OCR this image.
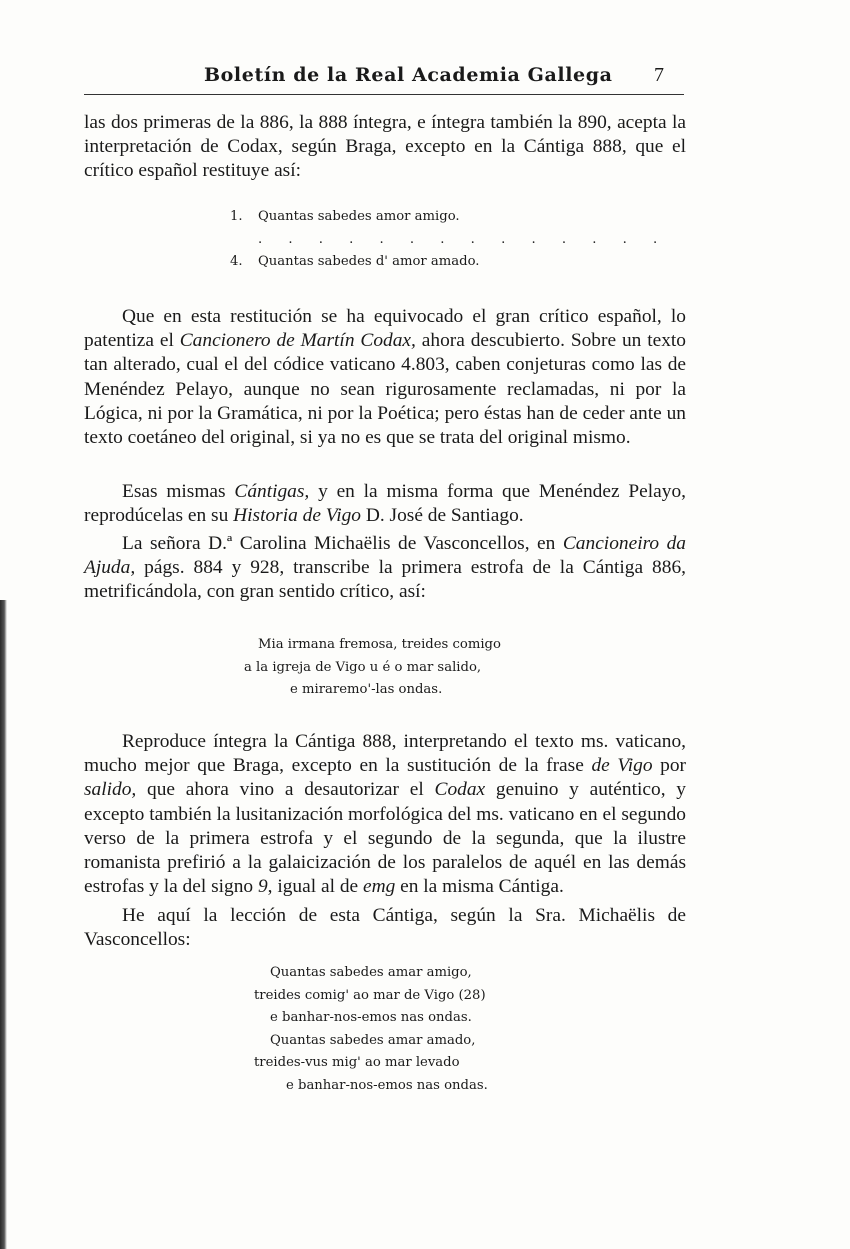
Boletín de la Real Academia Gallega 7

las dos primeras de la 886, la 888 íntegra, e íntegra también la 890, acepta la interpretación de Codax, según Braga, excepto en la Cántiga 888, que el crítico español restituye así:

1. Quantas sabedes amor amigo.
. . . . . . . . . . . . . .
4. Quantas sabedes d' amor amado.

Que en esta restitución se ha equivocado el gran crítico español, lo patentiza el Cancionero de Martín Codax, ahora descubierto. Sobre un texto tan alterado, cual el del códice vaticano 4.803, caben conjeturas como las de Menéndez Pelayo, aunque no sean rigurosamente reclamadas, ni por la Lógica, ni por la Gramática, ni por la Poética; pero éstas han de ceder ante un texto coetáneo del original, si ya no es que se trata del original mismo.

Esas mismas Cántigas, y en la misma forma que Menéndez Pelayo, reprodúcelas en su Historia de Vigo D. José de Santiago.

La señora D.ª Carolina Michaëlis de Vasconcellos, en Cancioneiro da Ajuda, págs. 884 y 928, transcribe la primera estrofa de la Cántiga 886, metrificándola, con gran sentido crítico, así:

Mia irmana fremosa, treides comigo
a la igreja de Vigo u é o mar salido,
e miraremo'-las ondas.

Reproduce íntegra la Cántiga 888, interpretando el texto ms. vaticano, mucho mejor que Braga, excepto en la sustitución de la frase de Vigo por salido, que ahora vino a desautorizar el Codax genuino y auténtico, y excepto también la lusitanización morfológica del ms. vaticano en el segundo verso de la primera estrofa y el segundo de la segunda, que la ilustre romanista prefirió a la galaicización de los paralelos de aquél en las demás estrofas y la del signo 9, igual al de emg en la misma Cántiga.

He aquí la lección de esta Cántiga, según la Sra. Michaëlis de Vasconcellos:

Quantas sabedes amar amigo,
treides comig' ao mar de Vigo (28)
e banhar-nos-emos nas ondas.
Quantas sabedes amar amado,
treides-vus mig' ao mar levado
e banhar-nos-emos nas ondas.
